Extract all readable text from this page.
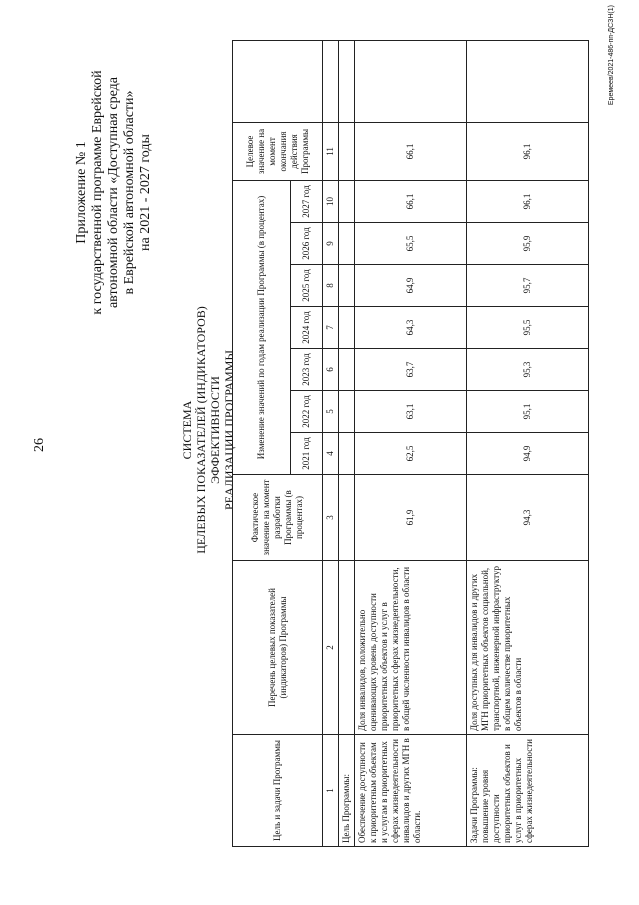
26
Приложение № 1 к государственной программе Еврейской автономной области «Доступная среда в Еврейской автономной области» на 2021 - 2027 годы
СИСТЕМА ЦЕЛЕВЫХ ПОКАЗАТЕЛЕЙ (ИНДИКАТОРОВ) ЭФФЕКТИВНОСТИ РЕАЛИЗАЦИИ ПРОГРАММЫ
Цель и задачи Программы	Перечень целевых показателей (индикаторов) Программы	Фактическое значение на момент разработки Программы (в процентах)	Изменение значений по годам реализации Программы (в процентах)							Целевое значение на момент окончания действия Программы	
			2021 год	2022 год	2023 год	2024 год	2025 год	2026 год	2027 год		
1	2	3	4	5	6	7	8	9	10	11	
Цель Программы:											
Обеспечение доступности к приоритетным объектам и услугам в приоритетных сферах жизнедеятельности инвалидов и других МГН в области.	Доля инвалидов, положительно оценивающих уровень доступности приоритетных объектов и услуг в приоритетных сферах жизнедеятельности, в общей численности инвалидов в области	61,9	62,5	63,1	63,7	64,3	64,9	65,5	66,1	66,1	
Задачи Программы: повышение уровня доступности приоритетных объектов и услуг в приоритетных сферах жизнедеятельности	Доля доступных для инвалидов и других МГН приоритетных объектов социальной, транспортной, инженерной инфраструктур в общем количестве приоритетных объектов в области	94,3	94,9	95,1	95,3	95,5	95,7	95,9	96,1	96,1	
Еремеев/2021-486-пп-ДСЗН(1)
